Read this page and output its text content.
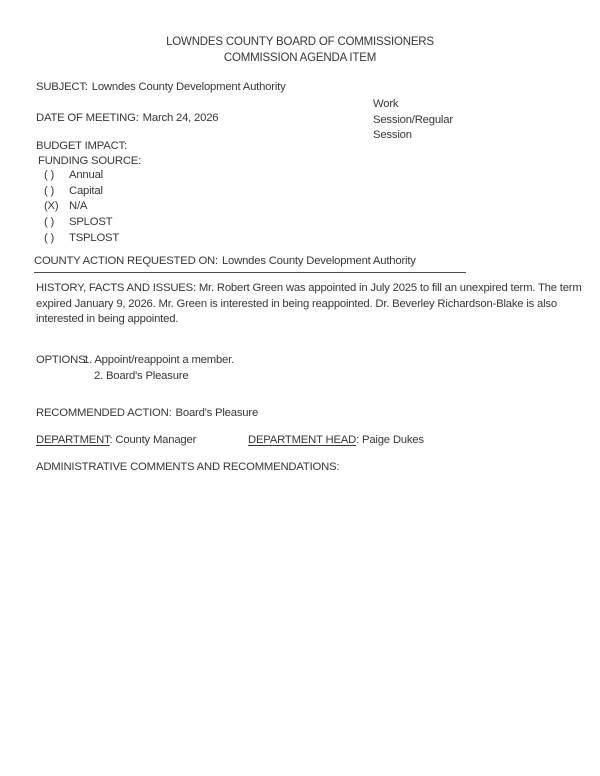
LOWNDES COUNTY BOARD OF COMMISSIONERS
COMMISSION AGENDA ITEM
SUBJECT: Lowndes County Development Authority
Work
Session/Regular
Session
DATE OF MEETING: March 24, 2026
BUDGET IMPACT:
FUNDING SOURCE:
( ) Annual
( ) Capital
(X) N/A
( ) SPLOST
( ) TSPLOST
COUNTY ACTION REQUESTED ON: Lowndes County Development Authority
HISTORY, FACTS AND ISSUES: Mr. Robert Green was appointed in July 2025 to fill an unexpired term. The term
expired January 9, 2026. Mr. Green is interested in being reappointed. Dr. Beverley Richardson-Blake is also
interested in being appointed.
OPTIONS:
1. Appoint/reappoint a member.
2. Board's Pleasure
RECOMMENDED ACTION: Board's Pleasure
DEPARTMENT: County Manager	DEPARTMENT HEAD: Paige Dukes
ADMINISTRATIVE COMMENTS AND RECOMMENDATIONS:
